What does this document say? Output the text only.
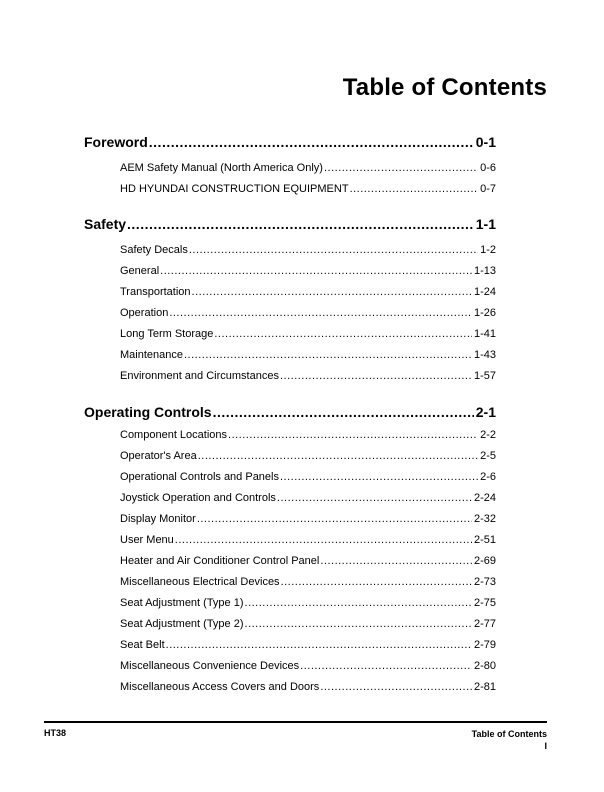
Table of Contents
Foreword .....	0-1
AEM Safety Manual (North America Only) .....	0-6
HD HYUNDAI CONSTRUCTION EQUIPMENT .....	0-7
Safety .....	1-1
Safety Decals .....	1-2
General .....	1-13
Transportation .....	1-24
Operation .....	1-26
Long Term Storage .....	1-41
Maintenance .....	1-43
Environment and Circumstances .....	1-57
Operating Controls .....	2-1
Component Locations .....	2-2
Operator's Area .....	2-5
Operational Controls and Panels .....	2-6
Joystick Operation and Controls .....	2-24
Display Monitor .....	2-32
User Menu .....	2-51
Heater and Air Conditioner Control Panel .....	2-69
Miscellaneous Electrical Devices .....	2-73
Seat Adjustment (Type 1) .....	2-75
Seat Adjustment (Type 2) .....	2-77
Seat Belt .....	2-79
Miscellaneous Convenience Devices .....	2-80
Miscellaneous Access Covers and Doors .....	2-81
HT38	Table of Contents
I
